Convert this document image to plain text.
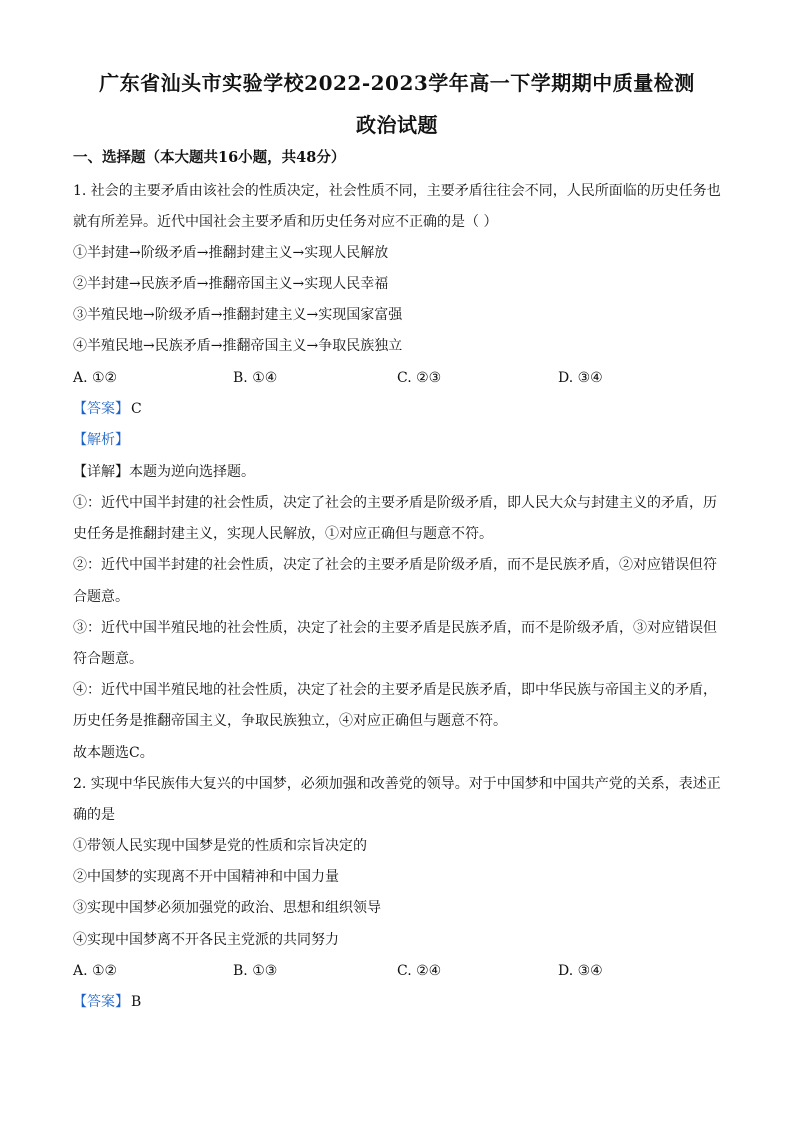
广东省汕头市实验学校2022-2023学年高一下学期期中质量检测
政治试题
一、选择题（本大题共16小题，共48分）
1. 社会的主要矛盾由该社会的性质决定，社会性质不同，主要矛盾往往会不同，人民所面临的历史任务也
就有所差异。近代中国社会主要矛盾和历史任务对应不正确的是（ ）
①半封建→阶级矛盾→推翻封建主义→实现人民解放
②半封建→民族矛盾→推翻帝国主义→实现人民幸福
③半殖民地→阶级矛盾→推翻封建主义→实现国家富强
④半殖民地→民族矛盾→推翻帝国主义→争取民族独立
A. ①②	B. ①④	C. ②③	D. ③④
【答案】 C
【解析】
【详解】本题为逆向选择题。
①：近代中国半封建的社会性质，决定了社会的主要矛盾是阶级矛盾，即人民大众与封建主义的矛盾，历
史任务是推翻封建主义，实现人民解放，①对应正确但与题意不符。
②：近代中国半封建的社会性质，决定了社会的主要矛盾是阶级矛盾，而不是民族矛盾，②对应错误但符
合题意。
③：近代中国半殖民地的社会性质，决定了社会的主要矛盾是民族矛盾，而不是阶级矛盾，③对应错误但
符合题意。
④：近代中国半殖民地的社会性质，决定了社会的主要矛盾是民族矛盾，即中华民族与帝国主义的矛盾，
历史任务是推翻帝国主义，争取民族独立，④对应正确但与题意不符。
故本题选C。
2. 实现中华民族伟大复兴的中国梦，必须加强和改善党的领导。对于中国梦和中国共产党的关系，表述正
确的是
①带领人民实现中国梦是党的性质和宗旨决定的
②中国梦的实现离不开中国精神和中国力量
③实现中国梦必须加强党的政治、思想和组织领导
④实现中国梦离不开各民主党派的共同努力
A. ①②	B. ①③	C. ②④	D. ③④
【答案】 B
